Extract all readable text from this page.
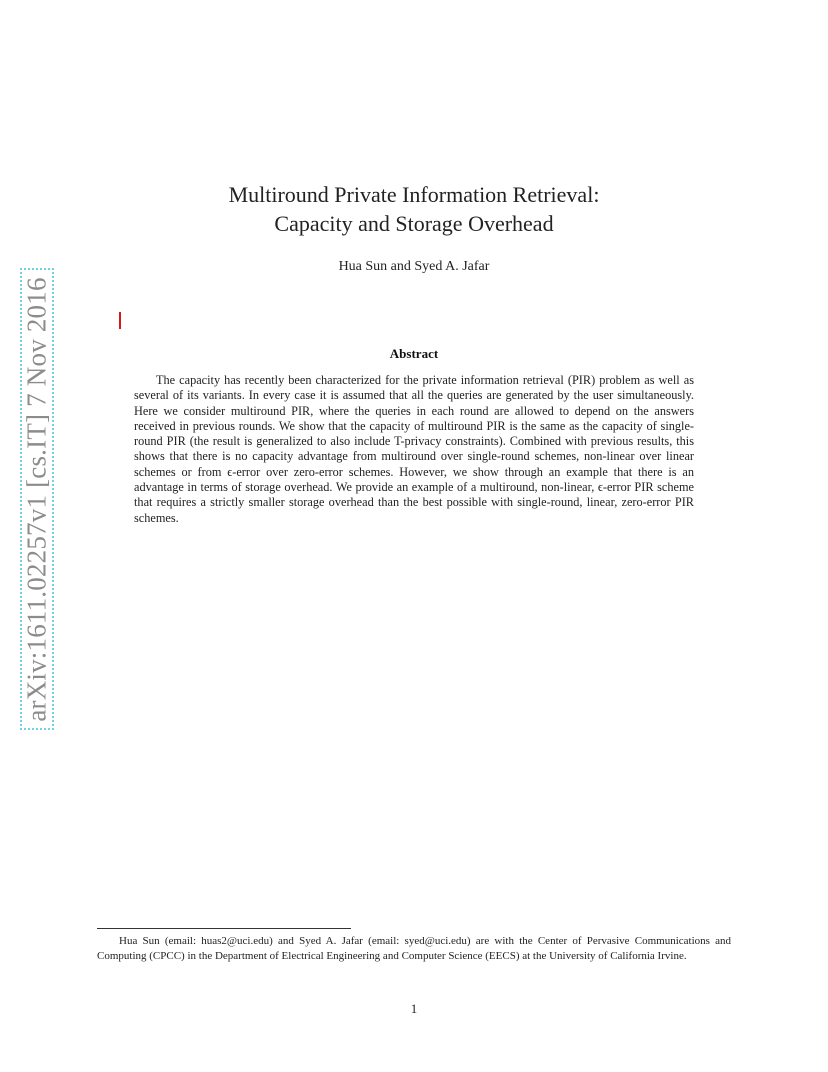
arXiv:1611.02257v1 [cs.IT] 7 Nov 2016
Multiround Private Information Retrieval:
Capacity and Storage Overhead
Hua Sun and Syed A. Jafar
Abstract
The capacity has recently been characterized for the private information retrieval (PIR) problem as well as several of its variants. In every case it is assumed that all the queries are generated by the user simultaneously. Here we consider multiround PIR, where the queries in each round are allowed to depend on the answers received in previous rounds. We show that the capacity of multiround PIR is the same as the capacity of single-round PIR (the result is generalized to also include T-privacy constraints). Combined with previous results, this shows that there is no capacity advantage from multiround over single-round schemes, non-linear over linear schemes or from ϵ-error over zero-error schemes. However, we show through an example that there is an advantage in terms of storage overhead. We provide an example of a multiround, non-linear, ϵ-error PIR scheme that requires a strictly smaller storage overhead than the best possible with single-round, linear, zero-error PIR schemes.
Hua Sun (email: huas2@uci.edu) and Syed A. Jafar (email: syed@uci.edu) are with the Center of Pervasive Communications and Computing (CPCC) in the Department of Electrical Engineering and Computer Science (EECS) at the University of California Irvine.
1
